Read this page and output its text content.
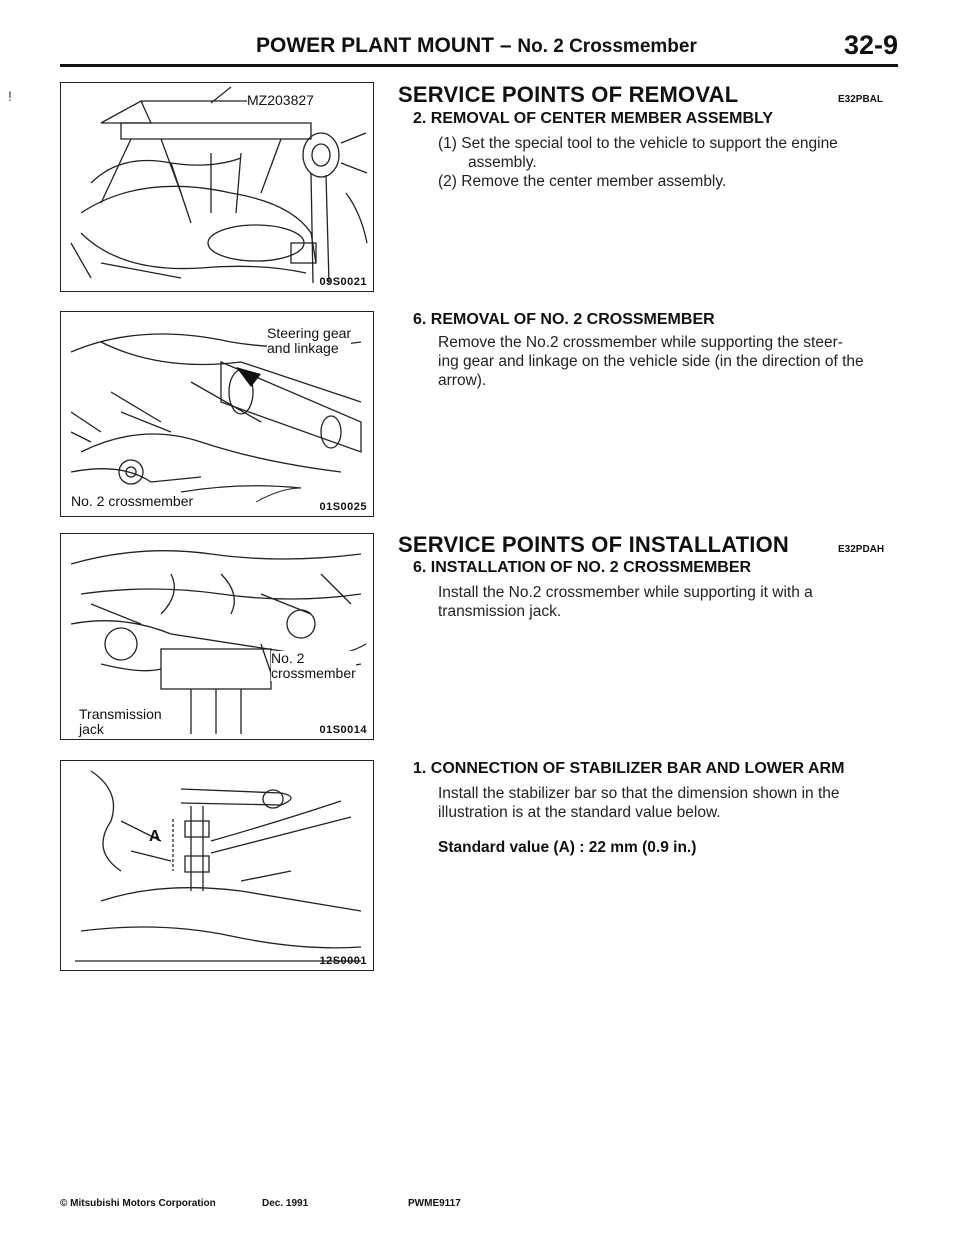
POWER PLANT MOUNT – No. 2 Crossmember	32-9
!	MZ203827
09S0021
Steering gear
and linkage
No. 2 crossmember	01S0025
No. 2
crossmember
Transmission
jack	01S0014
A
12S0001
SERVICE POINTS OF REMOVAL	E32PBAL
2. REMOVAL OF CENTER MEMBER ASSEMBLY
(1) Set the special tool to the vehicle to support the engine
assembly.
(2) Remove the center member assembly.
6. REMOVAL OF NO. 2 CROSSMEMBER
Remove the No.2 crossmember while supporting the steer-
ing gear and linkage on the vehicle side (in the direction of the
arrow).
SERVICE POINTS OF INSTALLATION	E32PDAH
6. INSTALLATION OF NO. 2 CROSSMEMBER
Install the No.2 crossmember while supporting it with a
transmission jack.
1. CONNECTION OF STABILIZER BAR AND LOWER ARM
Install the stabilizer bar so that the dimension shown in the
illustration is at the standard value below.
Standard value (A) : 22 mm (0.9 in.)
© Mitsubishi Motors Corporation	Dec. 1991	PWME9117
